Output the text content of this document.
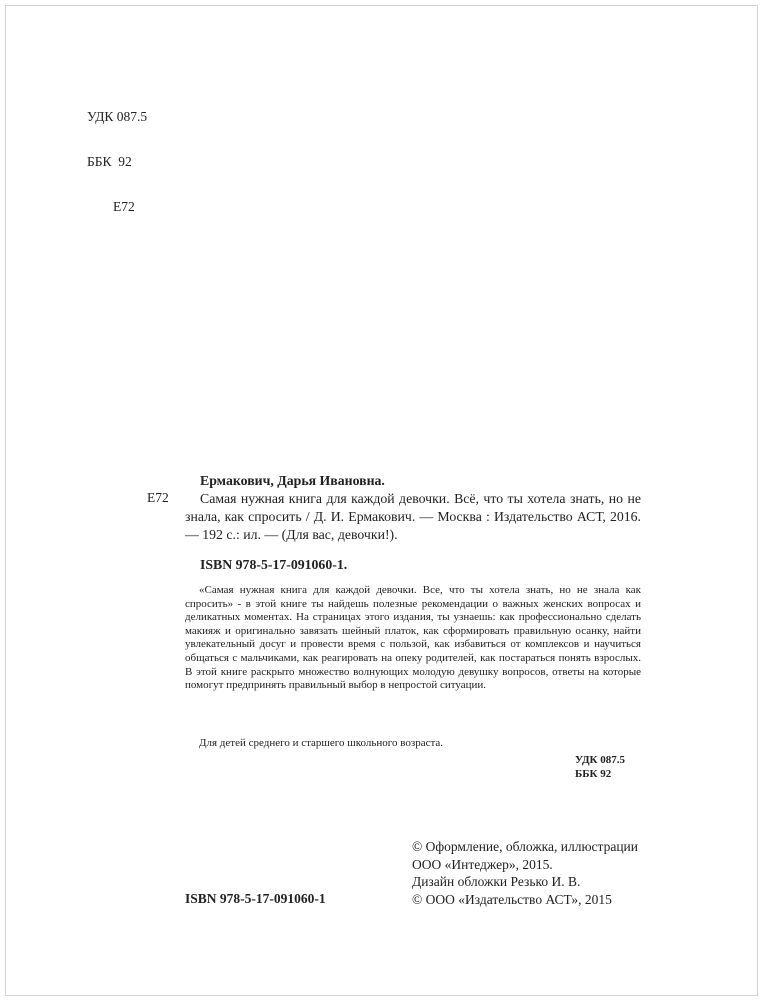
УДК 087.5

ББК  92

Е72

Е72
Ермакович, Дарья Ивановна.
Самая нужная книга для каждой девочки. Всё, что ты хотела знать, но не знала, как спросить / Д. И. Ермакович. — Москва : Издательство АСТ, 2016.— 192 с.: ил. — (Для вас, девочки!).
ISBN 978-5-17-091060-1.
«Самая нужная книга для каждой девочки. Все, что ты хотела знать, но не знала как спросить» - в этой книге ты найдешь полезные рекомендации о важных женских вопросах и деликатных моментах. На страницах этого издания, ты узнаешь: как профессионально сделать макияж и оригинально завязать шейный платок, как сформировать правильную осанку, найти увлекательный досуг и провести время с пользой, как избавиться от комплексов и научиться общаться с мальчиками, как реагировать на опеку родителей, как постараться понять взрослых. В этой книге раскрыто множество волнующих молодую девушку вопросов, ответы на которые помогут предпринять правильный выбор в непростой ситуации.
Для детей среднего и старшего школьного возраста.
УДК 087.5
ББК 92
© Оформление, обложка, иллюстрации
ООО «Интеджер», 2015.
Дизайн обложки Резько И. В.
© ООО «Издательство АСТ», 2015
ISBN 978-5-17-091060-1
